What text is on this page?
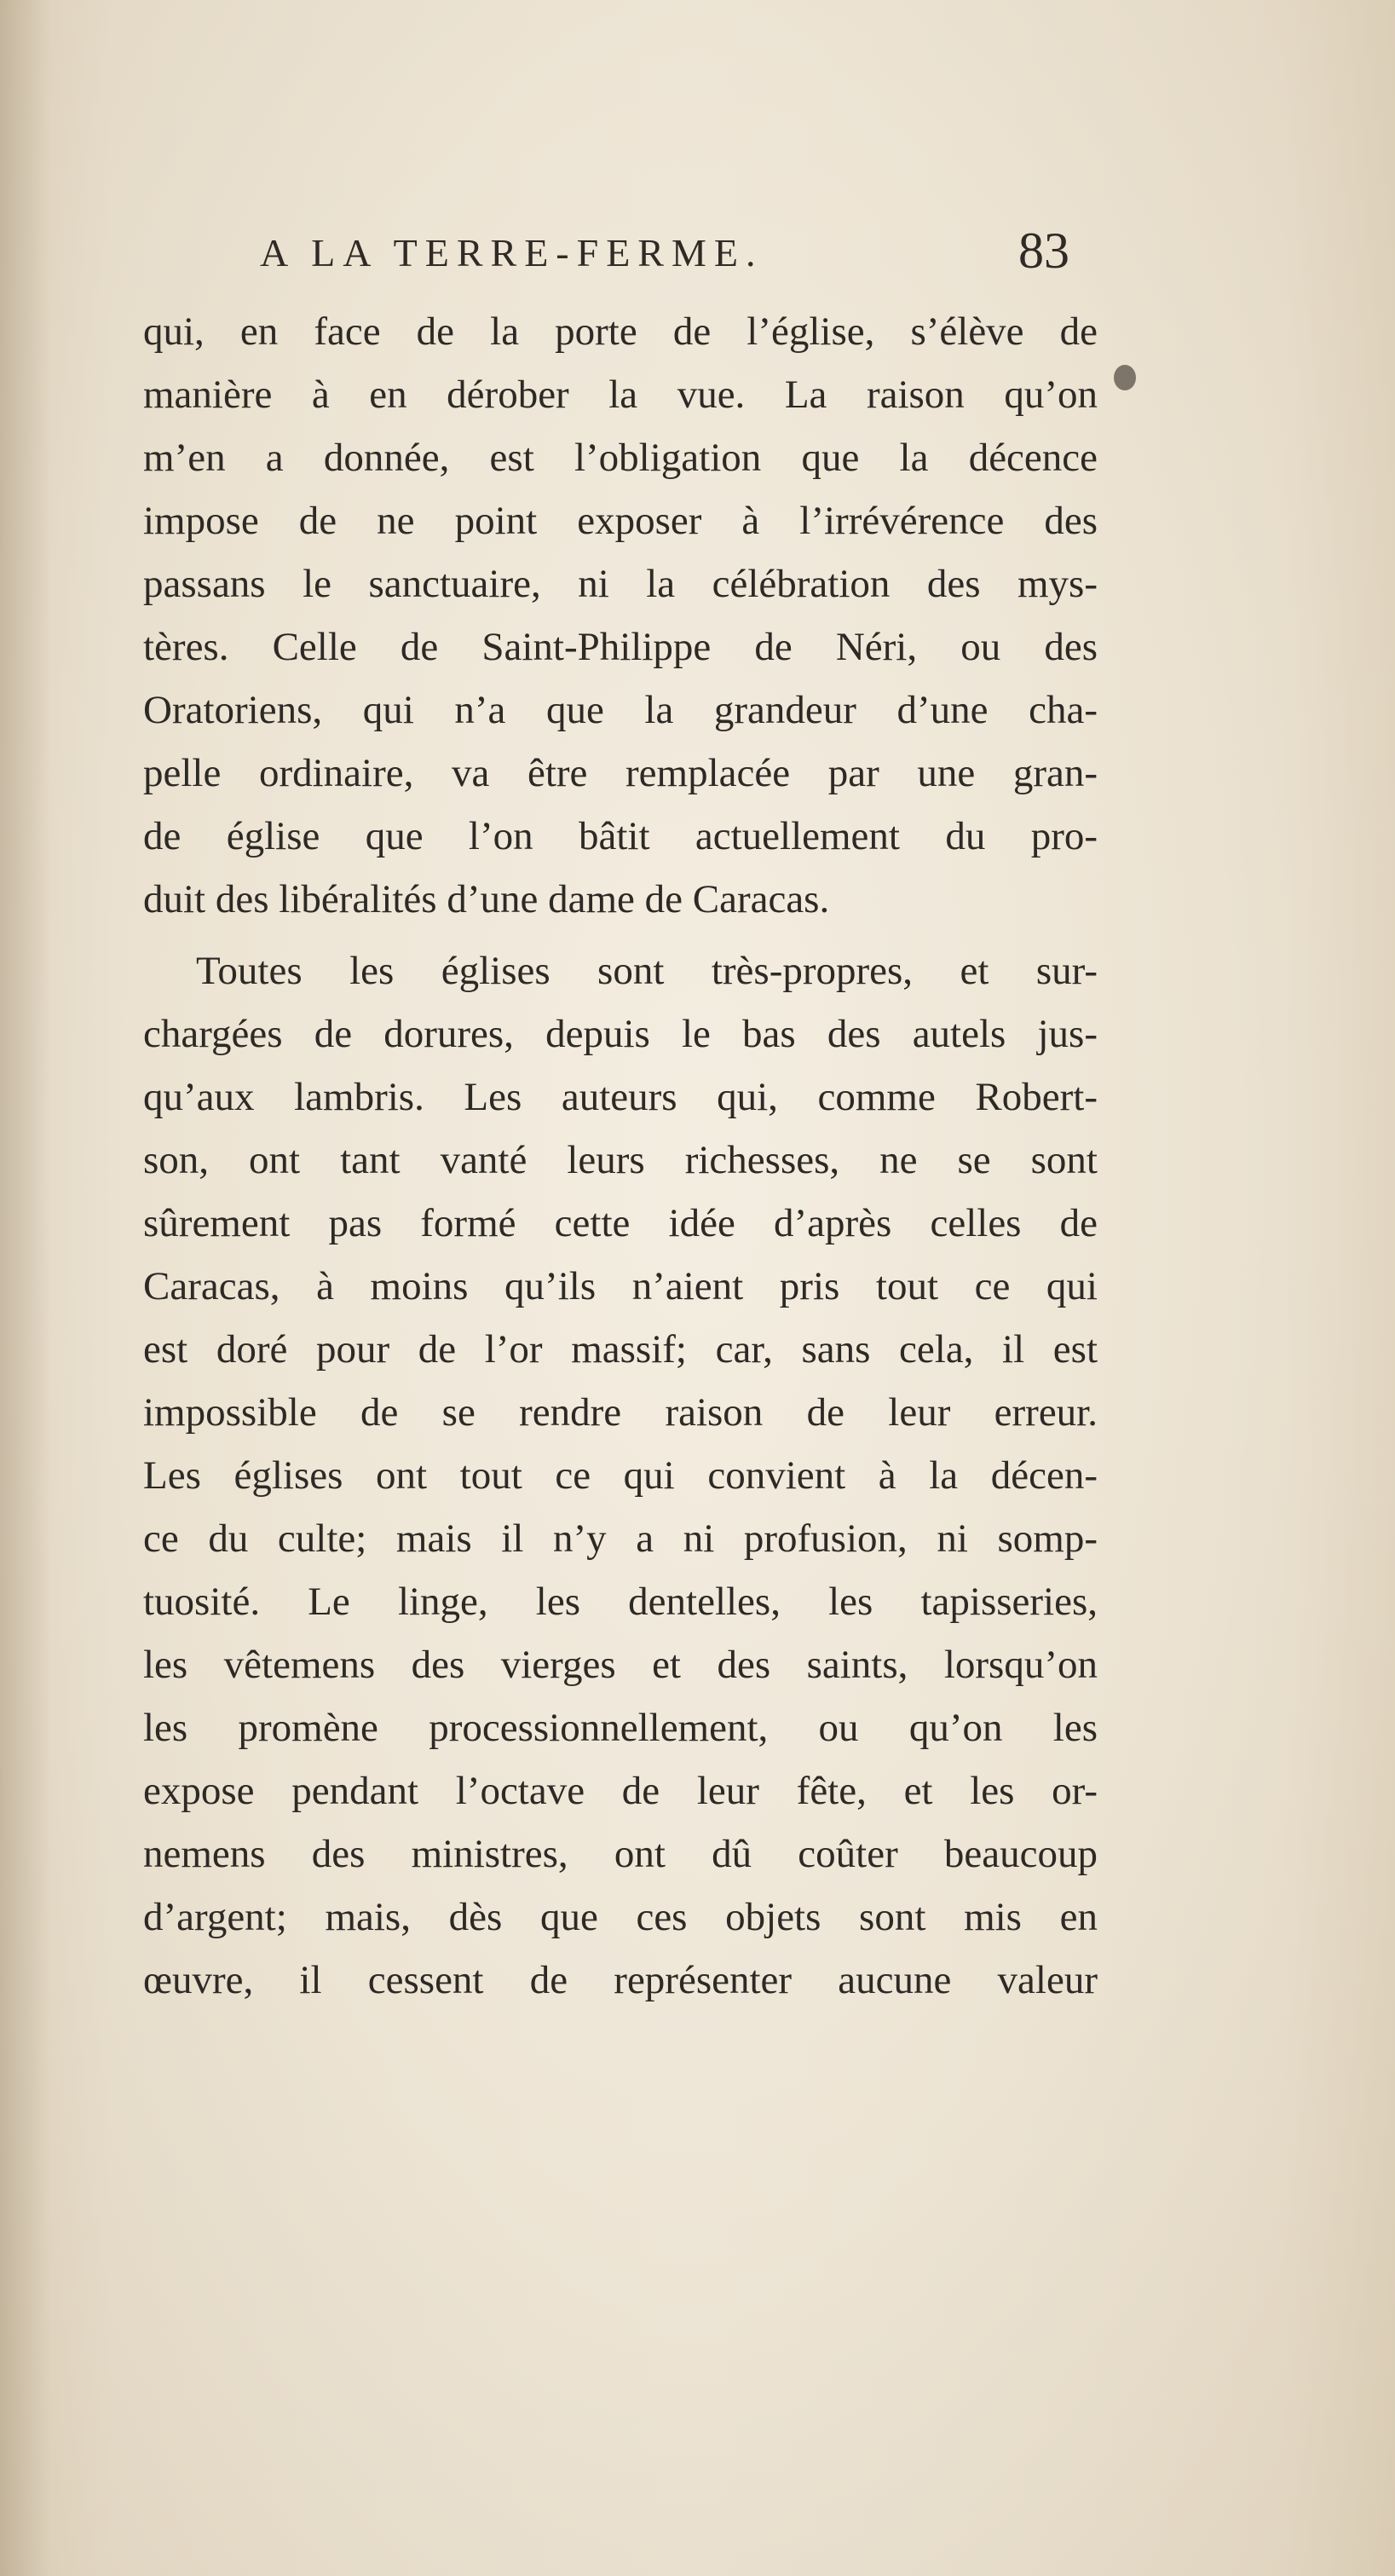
A LA TERRE-FERME.	83
qui, en face de la porte de l’église, s’élève de
manière à en dérober la vue. La raison qu’on
m’en a donnée, est l’obligation que la décence
impose de ne point exposer à l’irrévérence des
passans le sanctuaire, ni la célébration des mys-
tères. Celle de Saint-Philippe de Néri, ou des
Oratoriens, qui n’a que la grandeur d’une cha-
pelle ordinaire, va être remplacée par une gran-
de église que l’on bâtit actuellement du pro-
duit des libéralités d’une dame de Caracas.
Toutes les églises sont très-propres, et sur-
chargées de dorures, depuis le bas des autels jus-
qu’aux lambris. Les auteurs qui, comme Robert-
son, ont tant vanté leurs richesses, ne se sont
sûrement pas formé cette idée d’après celles de
Caracas, à moins qu’ils n’aient pris tout ce qui
est doré pour de l’or massif; car, sans cela, il est
impossible de se rendre raison de leur erreur.
Les églises ont tout ce qui convient à la décen-
ce du culte; mais il n’y a ni profusion, ni somp-
tuosité. Le linge, les dentelles, les tapisseries,
les vêtemens des vierges et des saints, lorsqu’on
les promène processionnellement, ou qu’on les
expose pendant l’octave de leur fête, et les or-
nemens des ministres, ont dû coûter beaucoup
d’argent; mais, dès que ces objets sont mis en
œuvre, il cessent de représenter aucune valeur
